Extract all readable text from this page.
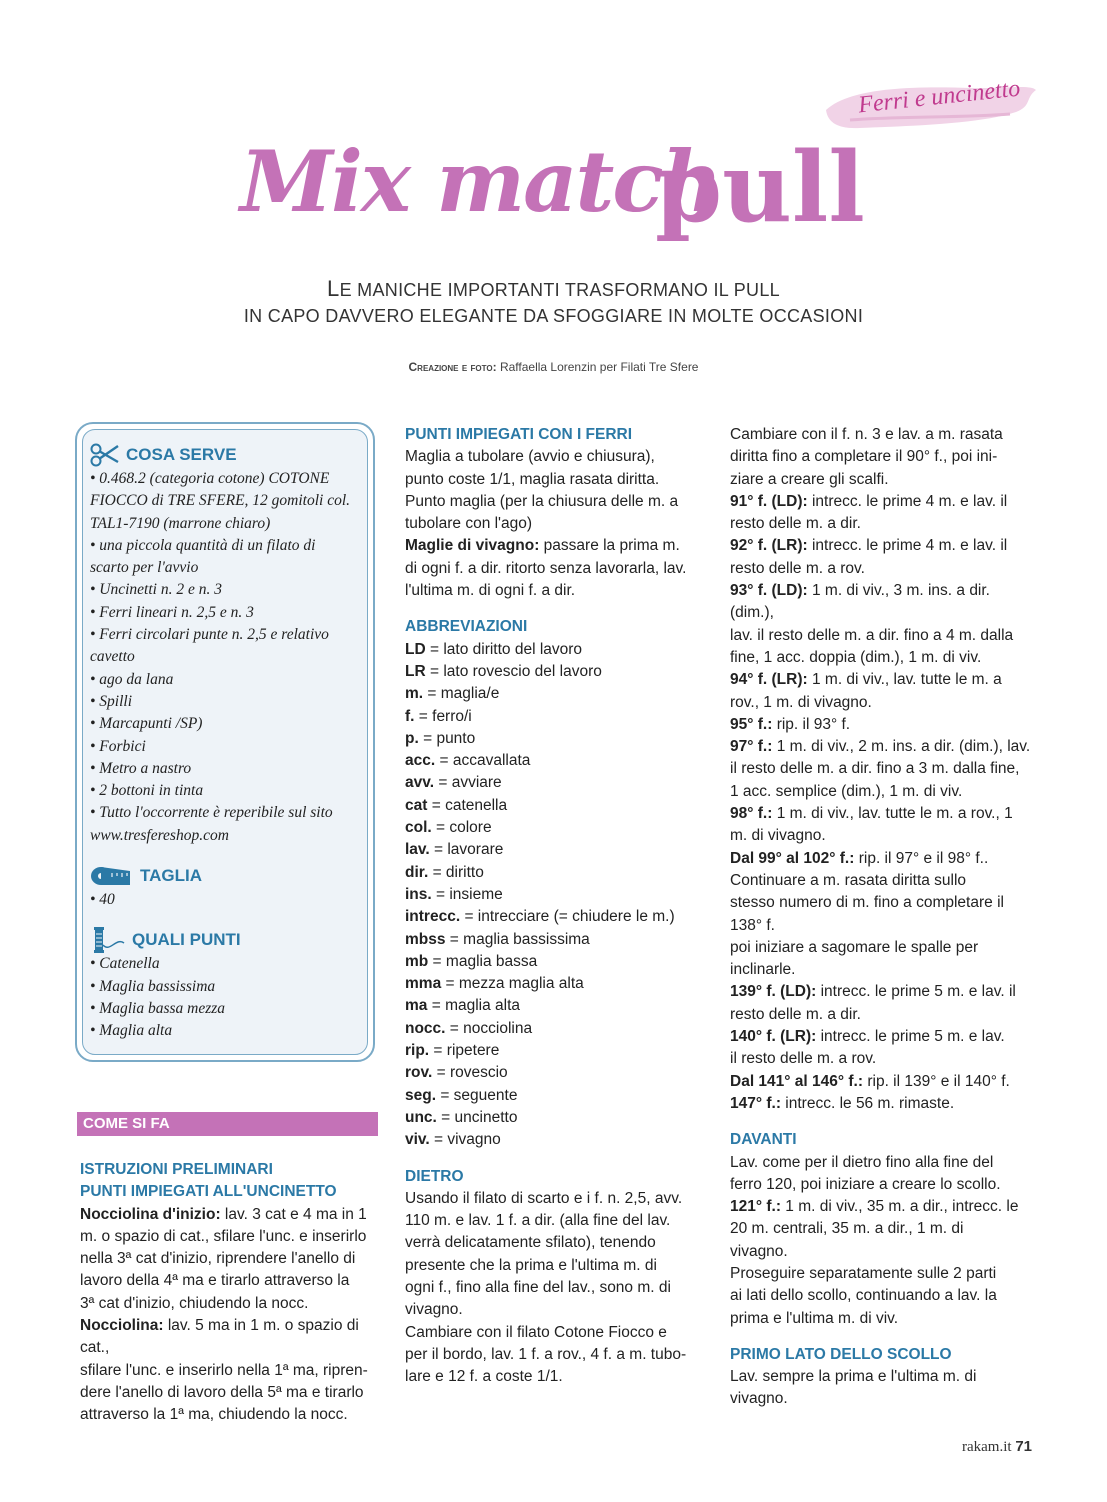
Ferri e uncinetto
Mix match
pull
LE MANICHE IMPORTANTI TRASFORMANO IL PULL
IN CAPO DAVVERO ELEGANTE DA SFOGGIARE IN MOLTE OCCASIONI
Creazione e foto: Raffaella Lorenzin per Filati Tre Sfere
COSA SERVE
• 0.468.2 (categoria cotone) COTONE
FIOCCO di TRE SFERE, 12 gomitoli col.
TAL1-7190 (marrone chiaro)
• una piccola quantità di un filato di
scarto per l'avvio
• Uncinetti n. 2 e n. 3
• Ferri lineari n. 2,5 e n. 3
• Ferri circolari punte n. 2,5 e relativo
cavetto
• ago da lana
• Spilli
• Marcapunti /SP)
• Forbici
• Metro a nastro
• 2 bottoni in tinta
• Tutto l'occorrente è reperibile sul sito
www.tresfereshop.com
TAGLIA
• 40
QUALI PUNTI
• Catenella
• Maglia bassissima
• Maglia bassa mezza
• Maglia alta
COME SI FA
ISTRUZIONI PRELIMINARI
PUNTI IMPIEGATI ALL'UNCINETTO

Nocciolina d'inizio: lav. 3 cat e 4 ma in 1

m. o spazio di cat., sfilare l'unc. e inserirlo

nella 3ª cat d'inizio, riprendere l'anello di

lavoro della 4ª ma e tirarlo attraverso la

3ª cat d'inizio, chiudendo la nocc.

Nocciolina: lav. 5 ma in 1 m. o spazio di cat.,

sfilare l'unc. e inserirlo nella 1ª ma, ripren-

dere l'anello di lavoro della 5ª ma e tirarlo

attraverso la 1ª ma, chiudendo la nocc.

PUNTI IMPIEGATI CON I FERRI

Maglia a tubolare (avvio e chiusura),

punto coste 1/1, maglia rasata diritta.

Punto maglia (per la chiusura delle m. a

tubolare con l'ago)

Maglie di vivagno: passare la prima m.

di ogni f. a dir. ritorto senza lavorarla, lav.

l'ultima m. di ogni f. a dir.

ABBREVIAZIONI

LD = lato diritto del lavoro

LR = lato rovescio del lavoro

m. = maglia/e

f. = ferro/i

p. = punto

acc. = accavallata

avv. = avviare

cat = catenella

col. = colore

lav. = lavorare

dir. = diritto

ins. = insieme

intrecc. = intrecciare (= chiudere le m.)

mbss = maglia bassissima

mb = maglia bassa

mma = mezza maglia alta

ma = maglia alta

nocc. = nocciolina

rip. = ripetere

rov. = rovescio

seg. = seguente

unc. = uncinetto

viv. = vivagno

DIETRO

Usando il filato di scarto e i f. n. 2,5, avv.

110 m. e lav. 1 f. a dir. (alla fine del lav.

verrà delicatamente sfilato), tenendo

presente che la prima e l'ultima m. di

ogni f., fino alla fine del lav., sono m. di

vivagno.

Cambiare con il filato Cotone Fiocco e

per il bordo, lav. 1 f. a rov., 4 f. a m. tubo-

lare e 12 f. a coste 1/1.

Cambiare con il f. n. 3 e lav. a m. rasata

diritta fino a completare il 90° f., poi ini-

ziare a creare gli scalfi.

91° f. (LD): intrecc. le prime 4 m. e lav. il

resto delle m. a dir.

92° f. (LR): intrecc. le prime 4 m. e lav. il

resto delle m. a rov.

93° f. (LD): 1 m. di viv., 3 m. ins. a dir. (dim.),

lav. il resto delle m. a dir. fino a 4 m. dalla

fine, 1 acc. doppia (dim.), 1 m. di viv.

94° f. (LR): 1 m. di viv., lav. tutte le m. a

rov., 1 m. di vivagno.

95° f.: rip. il 93° f.

97° f.: 1 m. di viv., 2 m. ins. a dir. (dim.), lav.

il resto delle m. a dir. fino a 3 m. dalla fine,

1 acc. semplice (dim.), 1 m. di viv.

98° f.: 1 m. di viv., lav. tutte le m. a rov., 1

m. di vivagno.

Dal 99° al 102° f.: rip. il 97° e il 98° f..

Continuare a m. rasata diritta sullo

stesso numero di m. fino a completare il

138° f.

poi iniziare a sagomare le spalle per

inclinarle.

139° f. (LD): intrecc. le prime 5 m. e lav. il

resto delle m. a dir.

140° f. (LR): intrecc. le prime 5 m. e lav.

il resto delle m. a rov.

Dal 141° al 146° f.: rip. il 139° e il 140° f.

147° f.: intrecc. le 56 m. rimaste.

DAVANTI

Lav. come per il dietro fino alla fine del

ferro 120, poi iniziare a creare lo scollo.

121° f.: 1 m. di viv., 35 m. a dir., intrecc. le

20 m. centrali, 35 m. a dir., 1 m. di

vivagno.

Proseguire separatamente sulle 2 parti

ai lati dello scollo, continuando a lav. la

prima e l'ultima m. di viv.

PRIMO LATO DELLO SCOLLO

Lav. sempre la prima e l'ultima m. di

vivagno.

rakam.it 71
